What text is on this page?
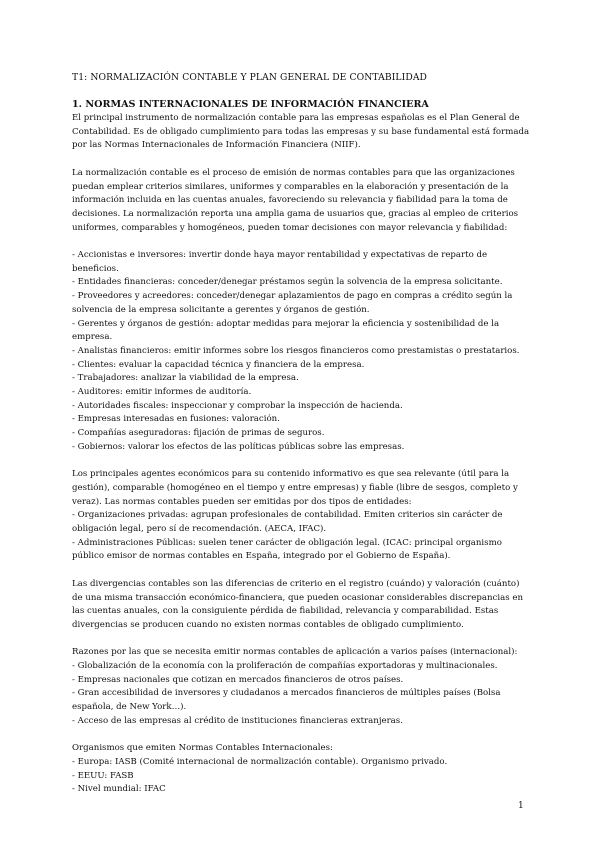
T1: NORMALIZACIÓN CONTABLE Y PLAN GENERAL DE CONTABILIDAD
1. NORMAS INTERNACIONALES DE INFORMACIÓN FINANCIERA

El principal instrumento de normalización contable para las empresas españolas es el Plan General de Contabilidad. Es de obligado cumplimiento para todas las empresas y su base fundamental está formada por las Normas Internacionales de Información Financiera (NIIF).

La normalización contable es el proceso de emisión de normas contables para que las organizaciones puedan emplear criterios similares, uniformes y comparables en la elaboración y presentación de la información incluida en las cuentas anuales, favoreciendo su relevancia y fiabilidad para la toma de decisiones. La normalización reporta una amplia gama de usuarios que, gracias al empleo de criterios uniformes, comparables y homogéneos, pueden tomar decisiones con mayor relevancia y fiabilidad:

- Accionistas e inversores: invertir donde haya mayor rentabilidad y expectativas de reparto de beneficios.
- Entidades financieras: conceder/denegar préstamos según la solvencia de la empresa solicitante.
- Proveedores y acreedores: conceder/denegar aplazamientos de pago en compras a crédito según la solvencia de la empresa solicitante a gerentes y órganos de gestión.
- Gerentes y órganos de gestión: adoptar medidas para mejorar la eficiencia y sostenibilidad de la empresa.
- Analistas financieros: emitir informes sobre los riesgos financieros como prestamistas o prestatarios.
- Clientes: evaluar la capacidad técnica y financiera de la empresa.
- Trabajadores: analizar la viabilidad de la empresa.
- Auditores: emitir informes de auditoría.
- Autoridades fiscales: inspeccionar y comprobar la inspección de hacienda.
- Empresas interesadas en fusiones: valoración.
- Compañías aseguradoras: fijación de primas de seguros.
- Gobiernos: valorar los efectos de las políticas públicas sobre las empresas.

Los principales agentes económicos para su contenido informativo es que sea relevante (útil para la gestión), comparable (homogéneo en el tiempo y entre empresas) y fiable (libre de sesgos, completo y veraz). Las normas contables pueden ser emitidas por dos tipos de entidades:

- Organizaciones privadas: agrupan profesionales de contabilidad. Emiten criterios sin carácter de obligación legal, pero sí de recomendación. (AECA, IFAC).
- Administraciones Públicas: suelen tener carácter de obligación legal. (ICAC: principal organismo público emisor de normas contables en España, integrado por el Gobierno de España).

Las divergencias contables son las diferencias de criterio en el registro (cuándo) y valoración (cuánto) de una misma transacción económico-financiera, que pueden ocasionar considerables discrepancias en las cuentas anuales, con la consiguiente pérdida de fiabilidad, relevancia y comparabilidad. Estas divergencias se producen cuando no existen normas contables de obligado cumplimiento.

Razones por las que se necesita emitir normas contables de aplicación a varios países (internacional):

- Globalización de la economía con la proliferación de compañías exportadoras y multinacionales.
- Empresas nacionales que cotizan en mercados financieros de otros países.
- Gran accesibilidad de inversores y ciudadanos a mercados financieros de múltiples países (Bolsa española, de New York…).
- Acceso de las empresas al crédito de instituciones financieras extranjeras.

Organismos que emiten Normas Contables Internacionales:

- Europa: IASB (Comité internacional de normalización contable). Organismo privado.
- EEUU: FASB
- Nivel mundial: IFAC
1
